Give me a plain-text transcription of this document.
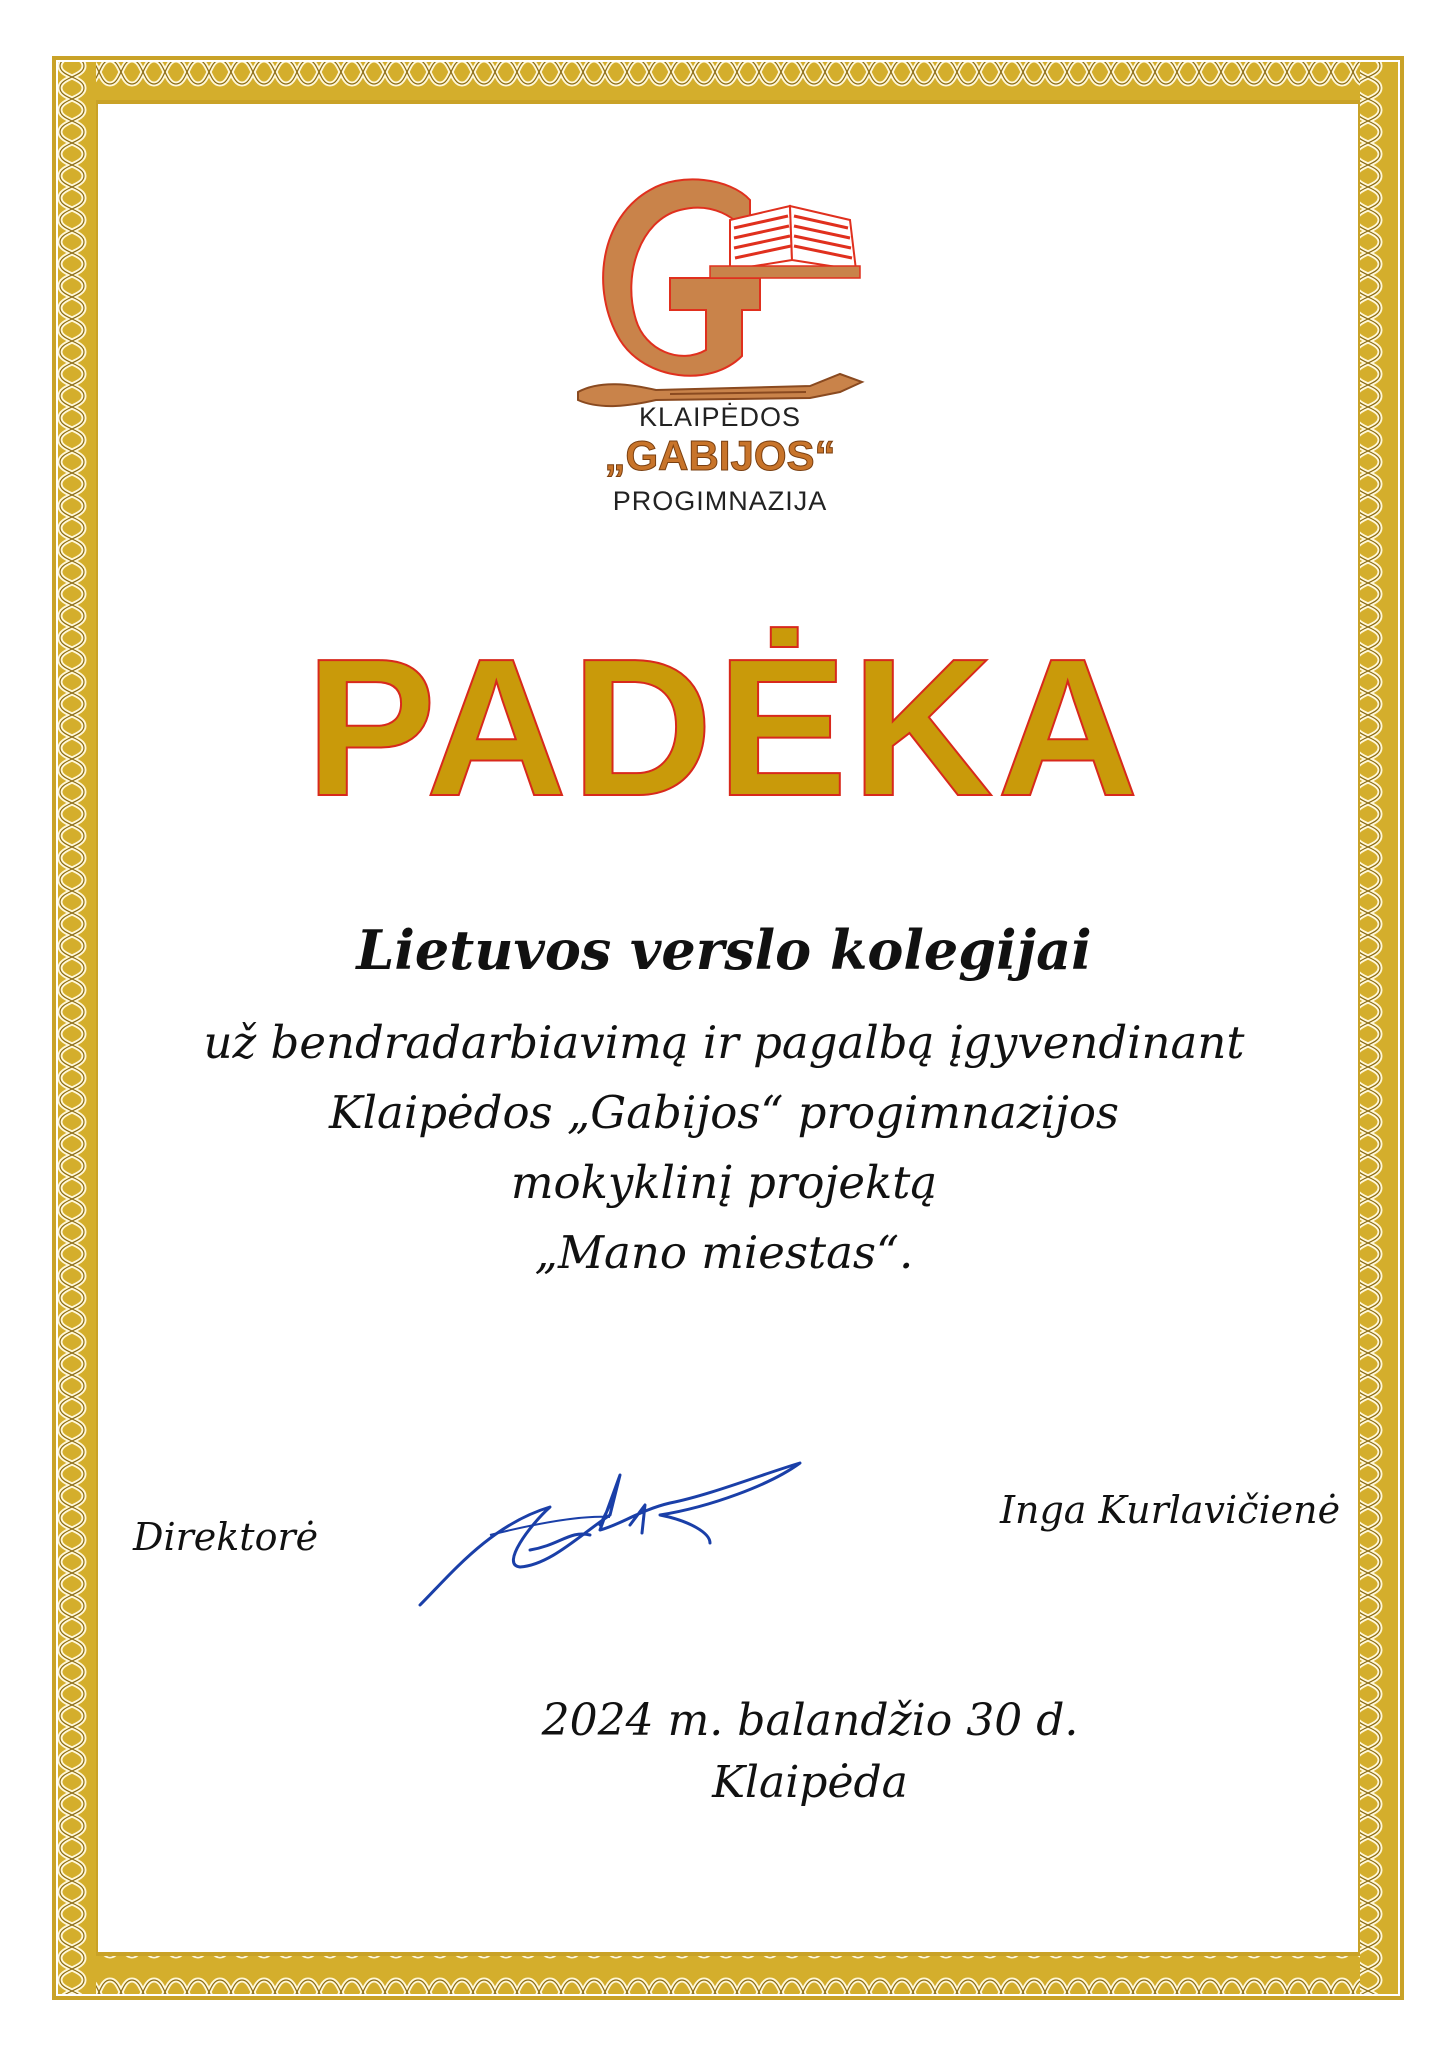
KLAIPĖDOS
„GABIJOS“
PROGIMNAZIJA
PADĖKA
Lietuvos verslo kolegijai
už bendradarbiavimą ir pagalbą įgyvendinant
Klaipėdos „Gabijos“ progimnazijos
mokyklinį projektą
„Mano miestas“.
Direktorė
Inga Kurlavičienė
2024 m. balandžio 30 d.
Klaipėda
